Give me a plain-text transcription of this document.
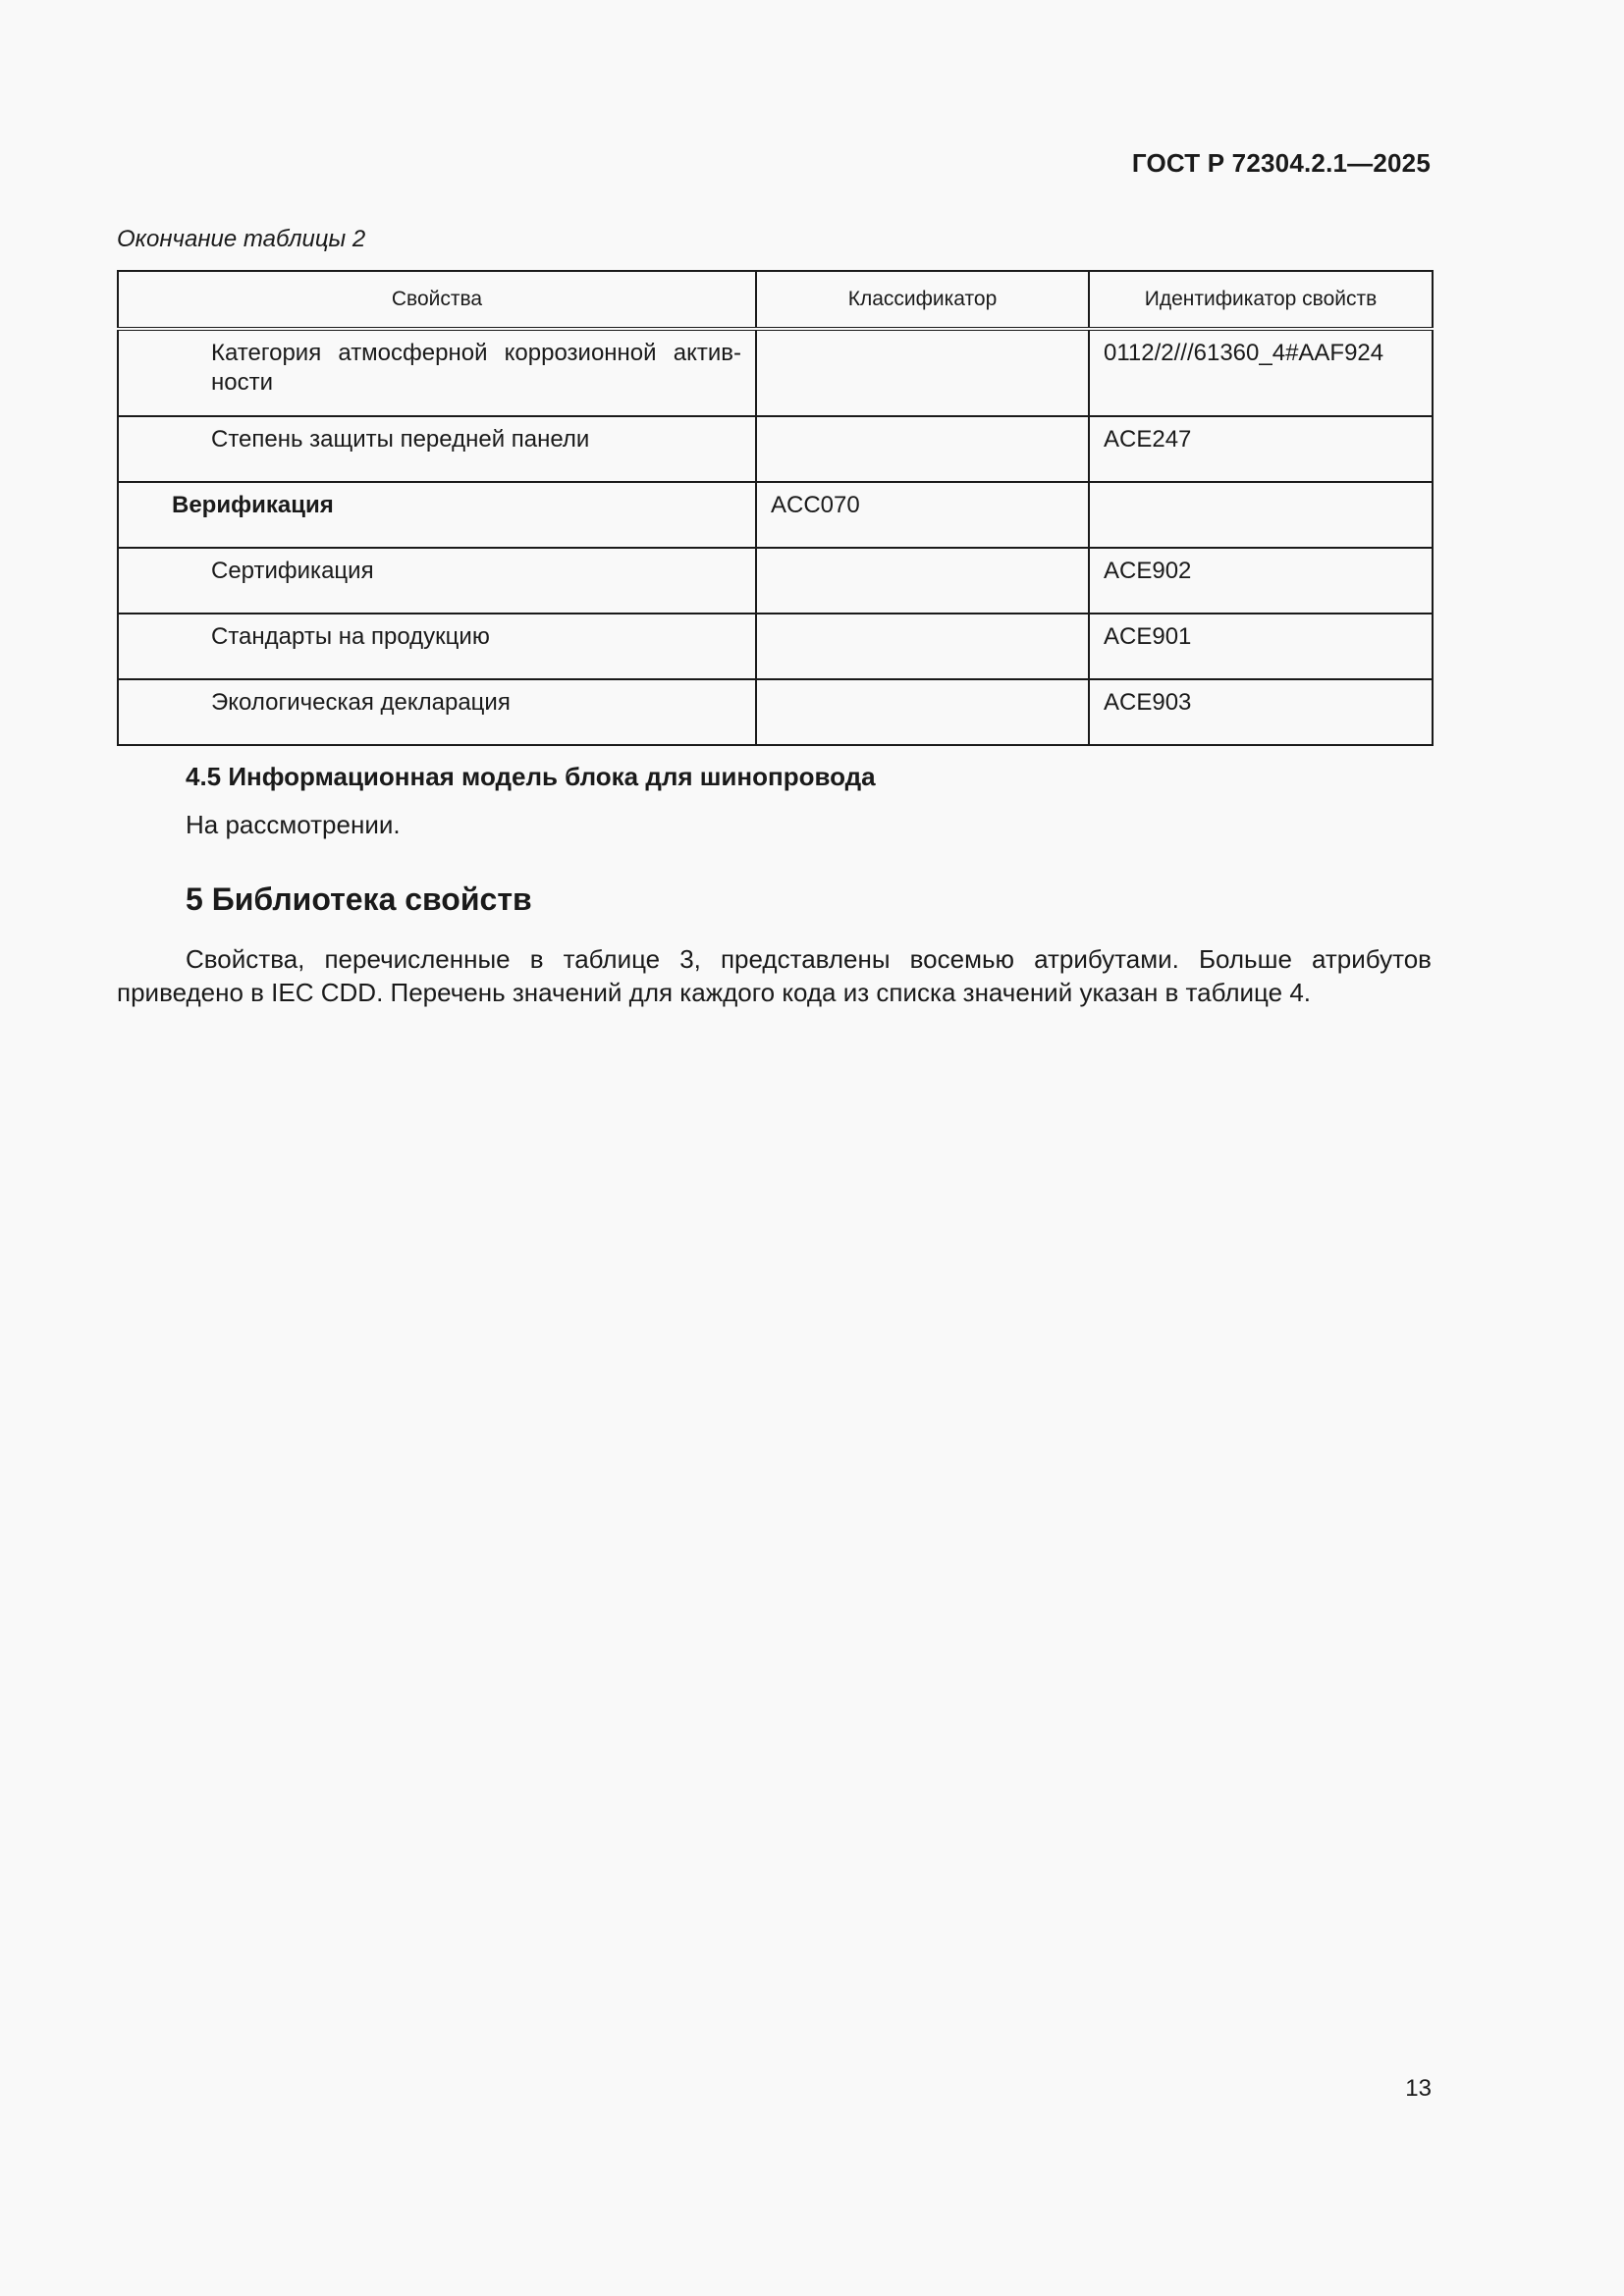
ГОСТ Р 72304.2.1—2025
Окончание таблицы 2
Свойства	Классификатор	Идентификатор свойств
Категория атмосферной коррозионной актив-ности		0112/2///61360_4#AAF924
Степень защиты передней панели		ACE247
Верификация	ACC070	
Сертификация		ACE902
Стандарты на продукцию		ACE901
Экологическая декларация		ACE903
4.5 Информационная модель блока для шинопровода
На рассмотрении.
5 Библиотека свойств
Свойства, перечисленные в таблице 3, представлены восемью атрибутами. Больше атрибутов приведено в IEC CDD. Перечень значений для каждого кода из списка значений указан в таблице 4.
13
